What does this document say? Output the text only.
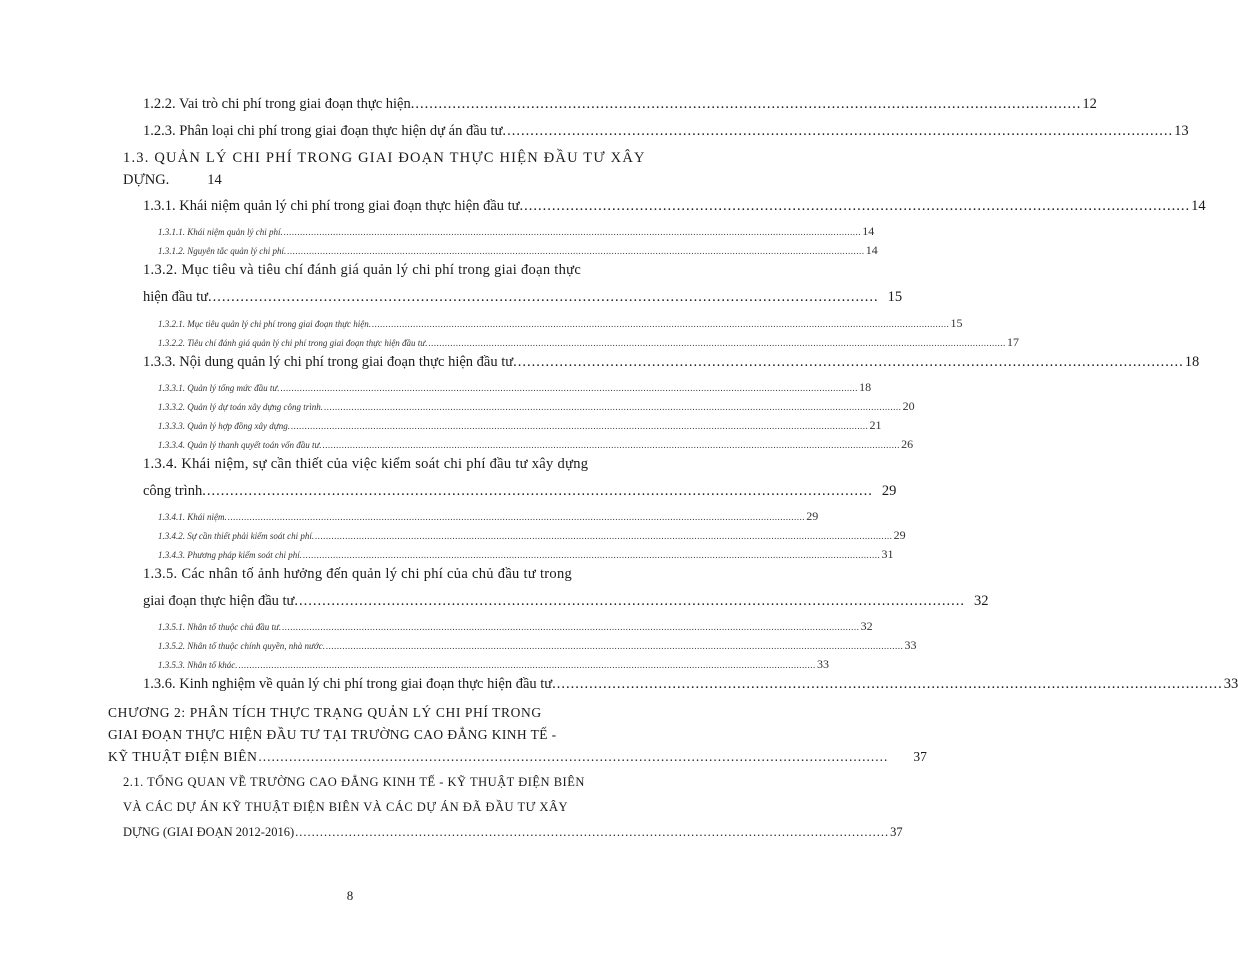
1.2.2. Vai trò chi phí trong giai đoạn thực hiện. ................................................................................................................................................ 12
1.2.3. Phân loại chi phí trong giai đoạn thực hiện dự án đầu tư. ................................................................................................................................................ 13
1.3. QUẢN LÝ CHI PHÍ TRONG GIAI ĐOẠN THỰC HIỆN ĐẦU TƯ XÂY
DỰNG.	14
1.3.1. Khái niệm quản lý chi phí trong giai đoạn thực hiện đầu tư. ................................................................................................................................................ 14
1.3.1.1. Khái niệm quản lý chi phí. .................................................................................................................................................................................................................. 14
1.3.1.2. Nguyên tắc quản lý chi phí. .................................................................................................................................................................................................................. 14
1.3.2. Mục tiêu và tiêu chí đánh giá quản lý chi phí trong giai đoạn thực
hiện đầu tư. ................................................................................................................................................ 15
1.3.2.1. Mục tiêu quản lý chi phí trong giai đoạn thực hiện. .................................................................................................................................................................................................................. 15
1.3.2.2. Tiêu chí đánh giá quản lý chi phí trong giai đoạn thực hiện đầu tư. .................................................................................................................................................................................................................. 17
1.3.3. Nội dung quản lý chi phí trong giai đoạn thực hiện đầu tư. ................................................................................................................................................ 18
1.3.3.1. Quản lý tổng mức đầu tư. .................................................................................................................................................................................................................. 18
1.3.3.2. Quản lý dự toán xây dựng công trình. .................................................................................................................................................................................................................. 20
1.3.3.3. Quản lý hợp đồng xây dựng. .................................................................................................................................................................................................................. 21
1.3.3.4. Quản lý thanh quyết toán vốn đầu tư. .................................................................................................................................................................................................................. 26
1.3.4. Khái niệm, sự cần thiết của việc kiểm soát chi phí đầu tư xây dựng
công trình. ................................................................................................................................................ 29
1.3.4.1. Khái niệm. .................................................................................................................................................................................................................. 29
1.3.4.2. Sự cần thiết phải kiểm soát chi phí. .................................................................................................................................................................................................................. 29
1.3.4.3. Phương pháp kiểm soát chi phí. .................................................................................................................................................................................................................. 31
1.3.5. Các nhân tố ảnh hưởng đến quản lý chi phí của chủ đầu tư trong
giai đoạn thực hiện đầu tư. ................................................................................................................................................ 32
1.3.5.1. Nhân tố thuộc chủ đầu tư. .................................................................................................................................................................................................................. 32
1.3.5.2. Nhân tố thuộc chính quyền, nhà nước. .................................................................................................................................................................................................................. 33
1.3.5.3. Nhân tố khác. .................................................................................................................................................................................................................. 33
1.3.6. Kinh nghiệm về quản lý chi phí trong giai đoạn thực hiện đầu tư. ................................................................................................................................................ 33
CHƯƠNG 2: PHÂN TÍCH THỰC TRẠNG QUẢN LÝ CHI PHÍ TRONG
GIAI ĐOẠN THỰC HIỆN ĐẦU TƯ TẠI TRƯỜNG CAO ĐẲNG KINH TẾ -
KỸ THUẬT ĐIỆN BIÊN ................................................................................................................................................ 37
2.1. TỔNG QUAN VỀ TRƯỜNG CAO ĐẲNG KINH TẾ - KỸ THUẬT ĐIỆN BIÊN
VÀ CÁC DỰ ÁN KỸ THUẬT ĐIỆN BIÊN VÀ CÁC DỰ ÁN ĐÃ ĐẦU TƯ XÂY
DỰNG (GIAI ĐOẠN 2012-2016) ................................................................................................................................................ 37
8
